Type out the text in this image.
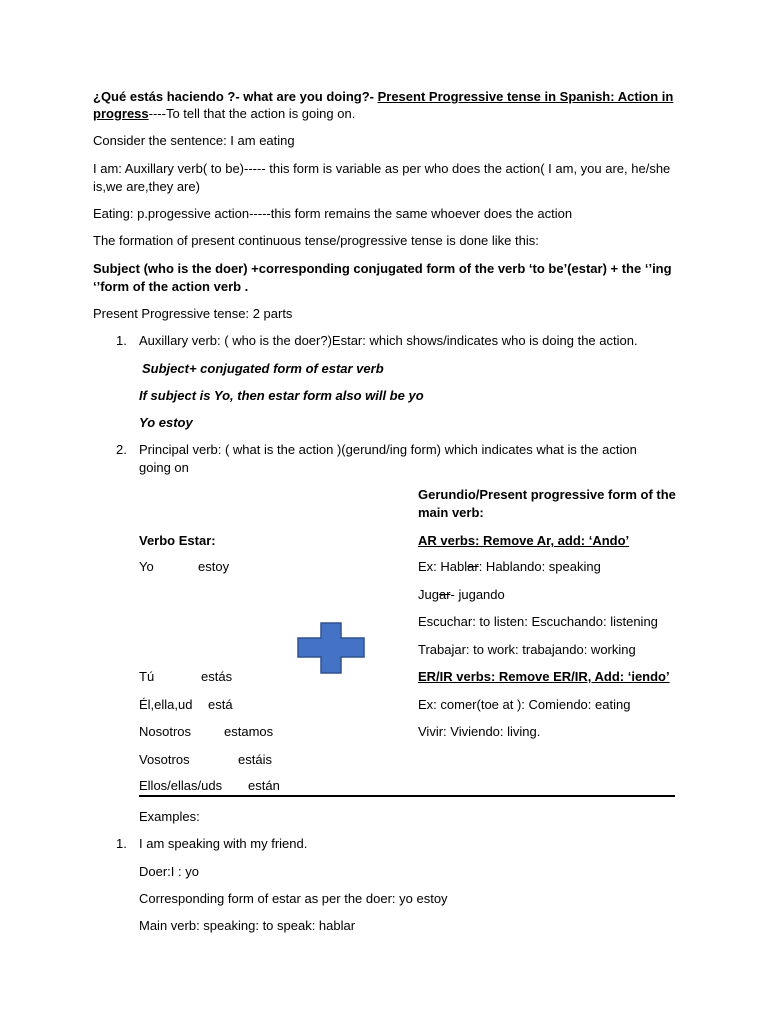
¿Qué estás haciendo ?- what are you doing?- Present Progressive tense in Spanish: Action in
progress----To tell that the action is going on.
Consider the sentence: I am eating
I am: Auxillary verb( to be)----- this form is variable as per who does the action( I am, you are, he/she
is,we are,they are)
Eating: p.progessive action-----this form remains the same whoever does the action
The formation of present continuous tense/progressive tense is done like this:
Subject (who is the doer) +corresponding conjugated form of the verb ‘to be’(estar) + the ‘’ing
‘’form of the action verb .
Present Progressive tense: 2 parts
1. Auxillary verb: ( who is the doer?)Estar: which shows/indicates who is doing the action.
Subject+ conjugated form of estar verb
If subject is Yo, then estar form also will be yo
Yo estoy
2. Principal verb: ( what is the action )(gerund/ing form) which indicates what is the action
going on
Gerundio/Present progressive form of the
main verb:
AR verbs: Remove Ar, add: ‘Ando’
Ex: Hablar: Hablando: speaking
Jugar- jugando
Escuchar: to listen: Escuchando: listening
Trabajar: to work: trabajando: working
ER/IR verbs: Remove ER/IR, Add: ‘iendo’
Ex: comer(toe at ): Comiendo: eating
Vivir: Viviendo: living.
Verbo Estar:
Yo	estoy
Tú	estás
Él,ella,ud está
Nosotros	estamos
Vosotros	estáis
Ellos/ellas/uds están
Examples:
1. I am speaking with my friend.
Doer:I : yo
Corresponding form of estar as per the doer: yo estoy
Main verb: speaking: to speak: hablar
